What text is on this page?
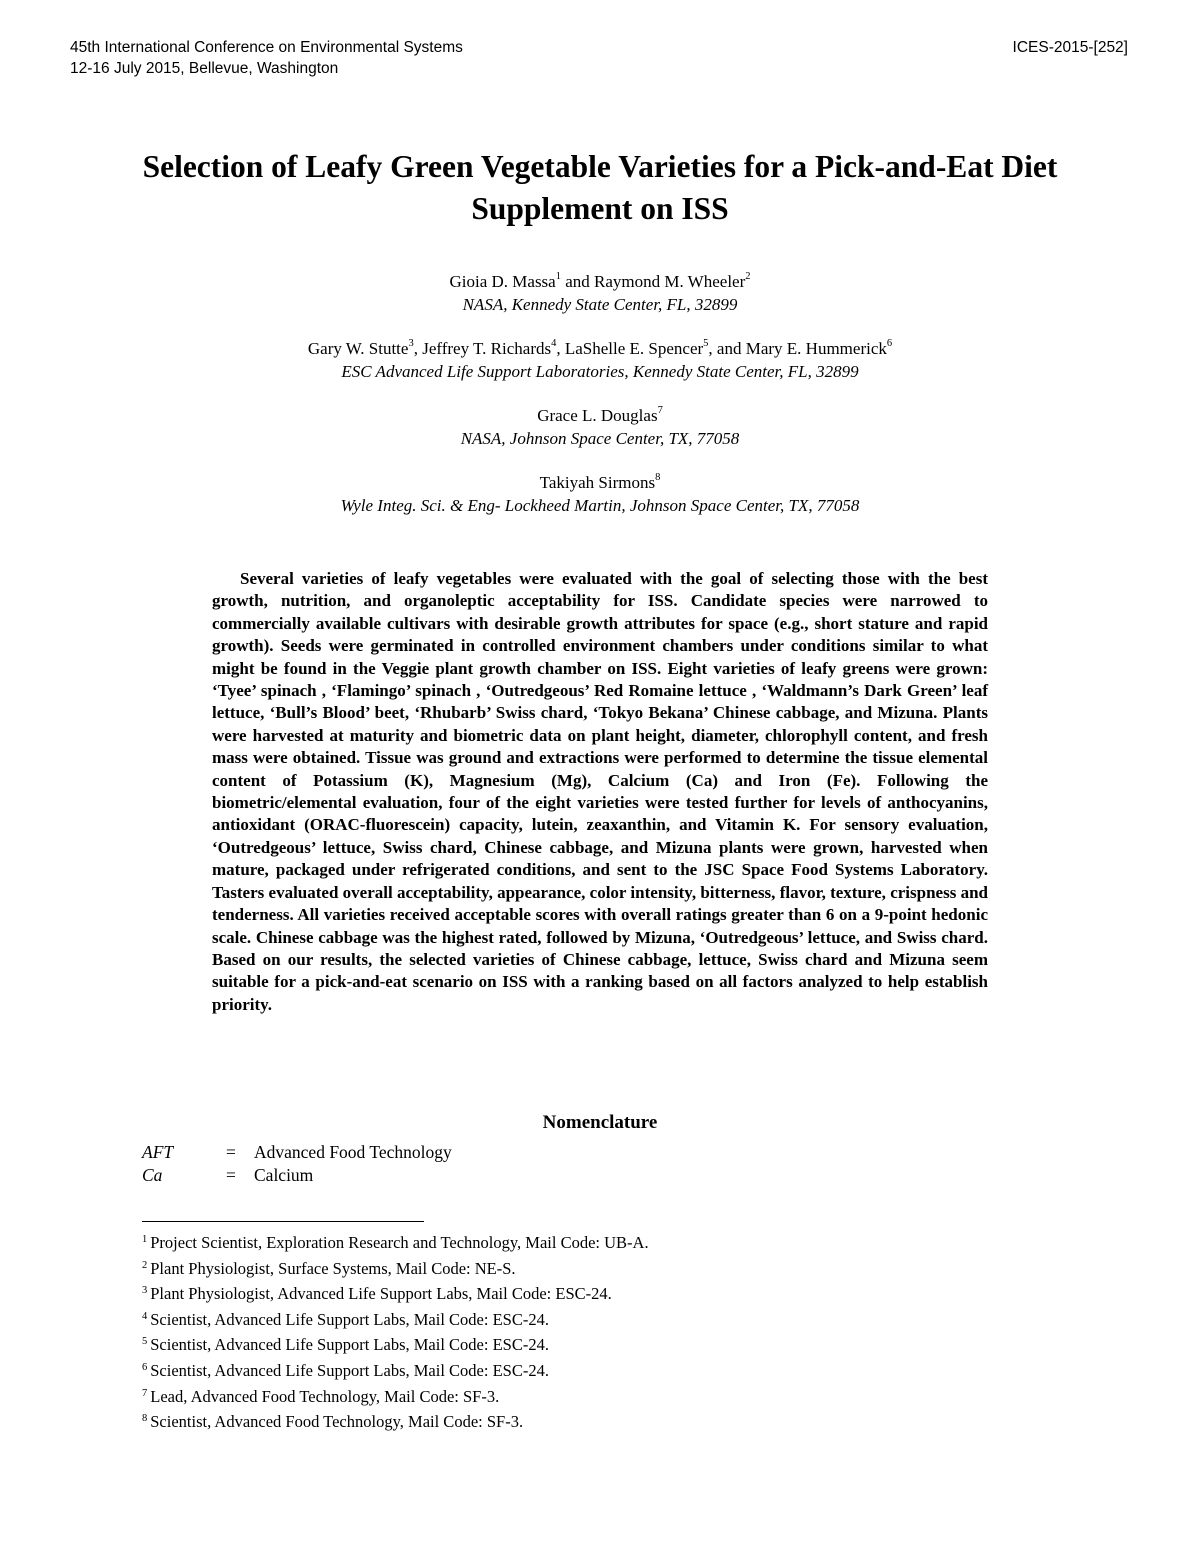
45th International Conference on Environmental Systems
12-16 July 2015, Bellevue, Washington
ICES-2015-[252]
Selection of Leafy Green Vegetable Varieties for a Pick-and-Eat Diet Supplement on ISS
Gioia D. Massa$^1$ and Raymond M. Wheeler$^2$
NASA, Kennedy State Center, FL, 32899
Gary W. Stutte$^3$, Jeffrey T. Richards$^4$, LaShelle E. Spencer$^5$, and Mary E. Hummerick$^6$
ESC Advanced Life Support Laboratories, Kennedy State Center, FL, 32899
Grace L. Douglas$^7$
NASA, Johnson Space Center, TX, 77058
Takiyah Sirmons$^8$
Wyle Integ. Sci. & Eng- Lockheed Martin, Johnson Space Center, TX, 77058

Several varieties of leafy vegetables were evaluated with the goal of selecting those with the best growth, nutrition, and organoleptic acceptability for ISS. Candidate species were narrowed to commercially available cultivars with desirable growth attributes for space (e.g., short stature and rapid growth). Seeds were germinated in controlled environment chambers under conditions similar to what might be found in the Veggie plant growth chamber on ISS. Eight varieties of leafy greens were grown: ‘Tyee’ spinach , ‘Flamingo’ spinach , ‘Outredgeous’ Red Romaine lettuce , ‘Waldmann’s Dark Green’ leaf lettuce, ‘Bull’s Blood’ beet, ‘Rhubarb’ Swiss chard, ‘Tokyo Bekana’ Chinese cabbage, and Mizuna. Plants were harvested at maturity and biometric data on plant height, diameter, chlorophyll content, and fresh mass were obtained. Tissue was ground and extractions were performed to determine the tissue elemental content of Potassium (K), Magnesium (Mg), Calcium (Ca) and Iron (Fe). Following the biometric/elemental evaluation, four of the eight varieties were tested further for levels of anthocyanins, antioxidant (ORAC-fluorescein) capacity, lutein, zeaxanthin, and Vitamin K. For sensory evaluation, ‘Outredgeous’ lettuce, Swiss chard, Chinese cabbage, and Mizuna plants were grown, harvested when mature, packaged under refrigerated conditions, and sent to the JSC Space Food Systems Laboratory. Tasters evaluated overall acceptability, appearance, color intensity, bitterness, flavor, texture, crispness and tenderness. All varieties received acceptable scores with overall ratings greater than 6 on a 9-point hedonic scale. Chinese cabbage was the highest rated, followed by Mizuna, ‘Outredgeous’ lettuce, and Swiss chard. Based on our results, the selected varieties of Chinese cabbage, lettuce, Swiss chard and Mizuna seem suitable for a pick-and-eat scenario on ISS with a ranking based on all factors analyzed to help establish priority.

Nomenclature
AFT	=	Advanced Food Technology
Ca	=	Calcium
$^1$ Project Scientist, Exploration Research and Technology, Mail Code: UB-A.
$^2$ Plant Physiologist, Surface Systems, Mail Code: NE-S.
$^3$ Plant Physiologist, Advanced Life Support Labs, Mail Code: ESC-24.
$^4$ Scientist, Advanced Life Support Labs, Mail Code: ESC-24.
$^5$ Scientist, Advanced Life Support Labs, Mail Code: ESC-24.
$^6$ Scientist, Advanced Life Support Labs, Mail Code: ESC-24.
$^7$ Lead, Advanced Food Technology, Mail Code: SF-3.
$^8$ Scientist, Advanced Food Technology, Mail Code: SF-3.
